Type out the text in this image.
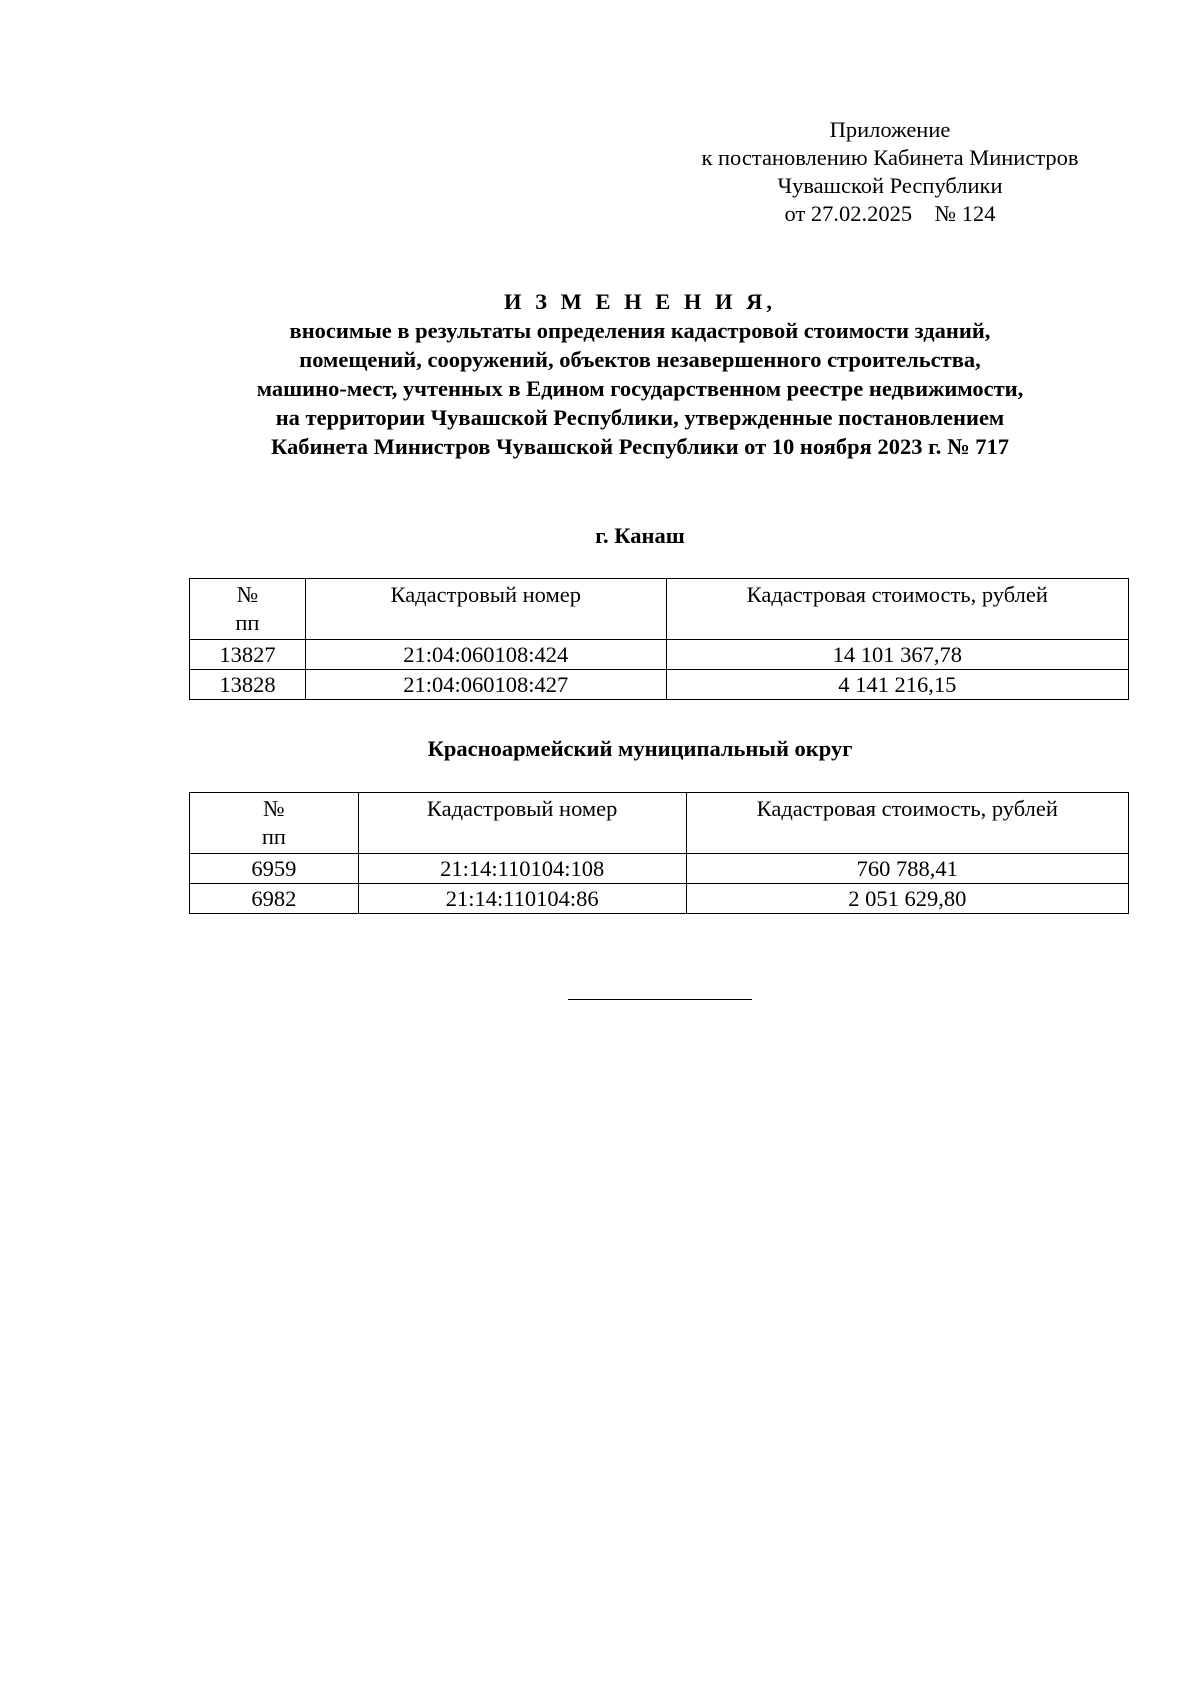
Приложение
к постановлению Кабинета Министров
Чувашской Республики
от 27.02.2025    № 124
И З М Е Н Е Н И Я,
вносимые в результаты определения кадастровой стоимости зданий,
помещений, сооружений, объектов незавершенного строительства,
машино-мест, учтенных в Едином государственном реестре недвижимости,
на территории Чувашской Республики, утвержденные постановлением
Кабинета Министров Чувашской Республики от 10 ноября 2023 г. № 717
г. Канаш
№
пп	Кадастровый номер	Кадастровая стоимость, рублей
13827	21:04:060108:424	14 101 367,78
13828	21:04:060108:427	4 141 216,15
Красноармейский муниципальный округ
№
пп	Кадастровый номер	Кадастровая стоимость, рублей
6959	21:14:110104:108	760 788,41
6982	21:14:110104:86	2 051 629,80
